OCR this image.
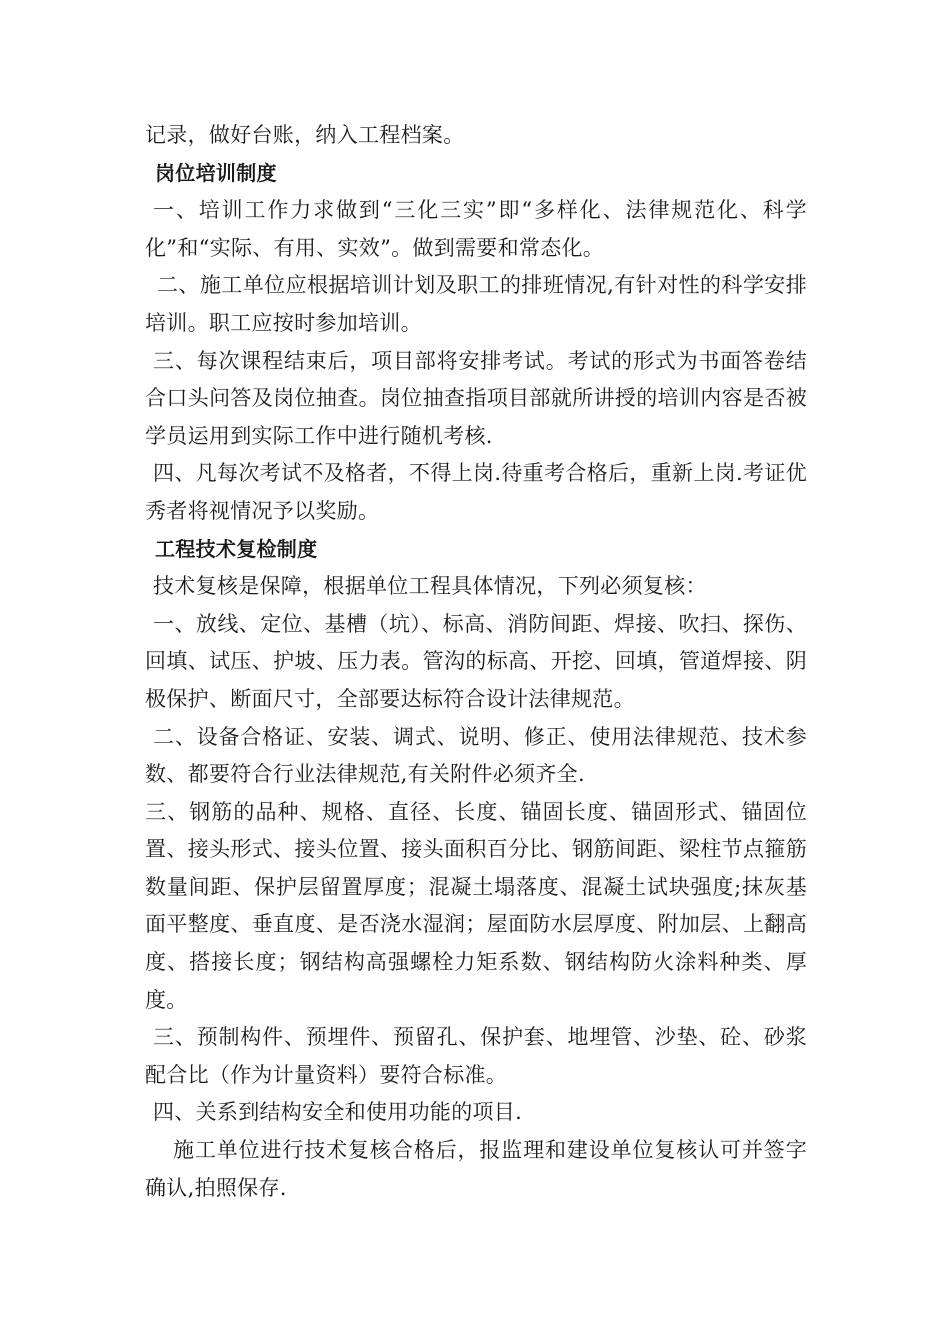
记录，做好台账，纳入工程档案。

岗位培训制度

一、培训工作力求做到“三化三实”即“多样化、法律规范化、科学化”和“实际、有用、实效”。做到需要和常态化。

二、施工单位应根据培训计划及职工的排班情况,有针对性的科学安排培训。职工应按时参加培训。

三、每次课程结束后，项目部将安排考试。考试的形式为书面答卷结合口头问答及岗位抽查。岗位抽查指项目部就所讲授的培训内容是否被学员运用到实际工作中进行随机考核.

四、凡每次考试不及格者，不得上岗.待重考合格后，重新上岗.考证优秀者将视情况予以奖励。

工程技术复检制度

技术复核是保障，根据单位工程具体情况，下列必须复核：

一、放线、定位、基槽（坑）、标高、消防间距、焊接、吹扫、探伤、回填、试压、护坡、压力表。管沟的标高、开挖、回填，管道焊接、阴极保护、断面尺寸，全部要达标符合设计法律规范。

二、设备合格证、安装、调式、说明、修正、使用法律规范、技术参数、都要符合行业法律规范,有关附件必须齐全.

三、钢筋的品种、规格、直径、长度、锚固长度、锚固形式、锚固位置、接头形式、接头位置、接头面积百分比、钢筋间距、梁柱节点箍筋数量间距、保护层留置厚度；混凝土塌落度、混凝土试块强度;抹灰基面平整度、垂直度、是否浇水湿润；屋面防水层厚度、附加层、上翻高度、搭接长度；钢结构高强螺栓力矩系数、钢结构防火涂料种类、厚度。

三、预制构件、预埋件、预留孔、保护套、地埋管、沙垫、砼、砂浆配合比（作为计量资料）要符合标准。

四、关系到结构安全和使用功能的项目.

施工单位进行技术复核合格后，报监理和建设单位复核认可并签字确认,拍照保存.
